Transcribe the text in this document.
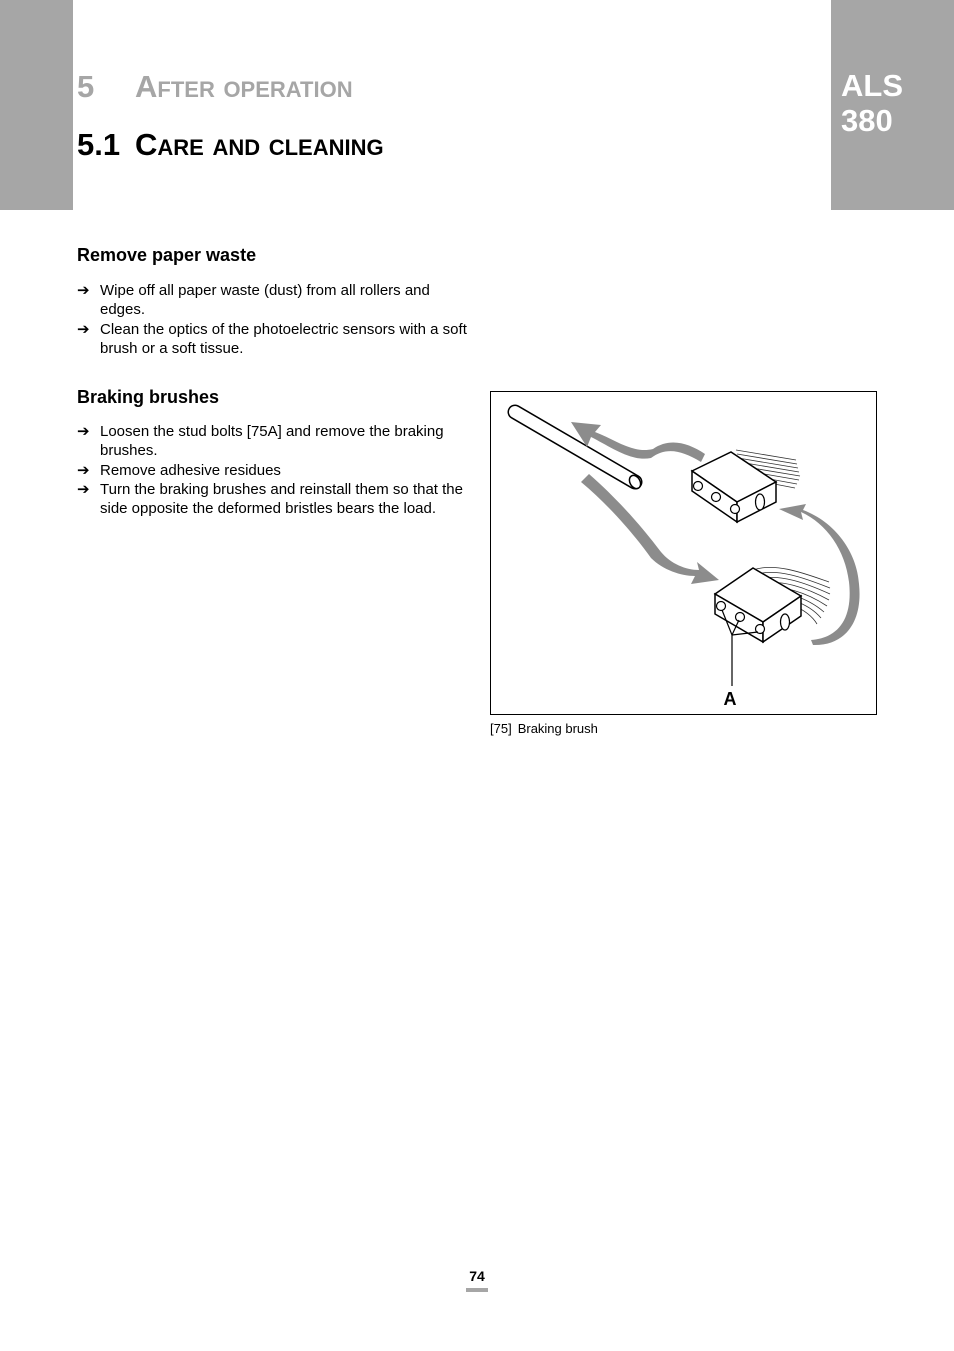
ALS
380
5 After operation
5.1 Care and cleaning
Remove paper waste
➔ Wipe off all paper waste (dust) from all rollers and edges.
➔ Clean the optics of the photoelectric sensors with a soft brush or a soft tissue.
Braking brushes
➔ Loosen the stud bolts [75A] and remove the braking brushes.
➔ Remove adhesive residues
➔ Turn the braking brushes and reinstall them so that the side opposite the deformed bristles bears the load.
A
[75] Braking brush
74
